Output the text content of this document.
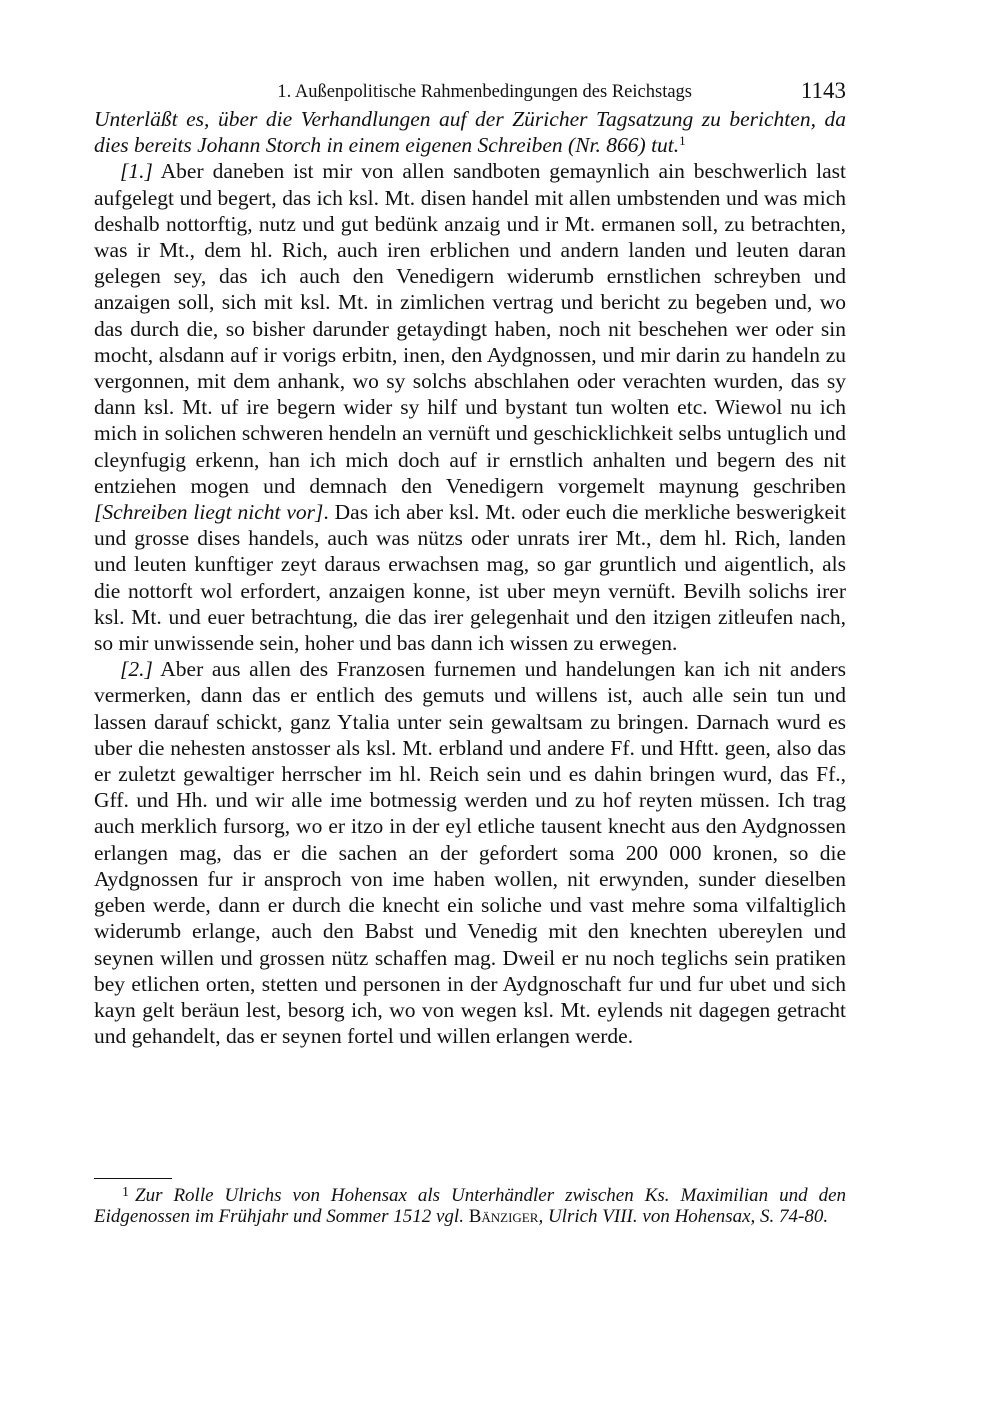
1. Außenpolitische Rahmenbedingungen des Reichstags	1143

Unterläßt es, über die Verhandlungen auf der Züricher Tagsatzung zu berichten, da dies bereits Johann Storch in einem eigenen Schreiben (Nr. 866) tut.$^1$

[1.] Aber daneben ist mir von allen sandboten gemaynlich ain beschwerlich last aufgelegt und begert, das ich ksl. Mt. disen handel mit allen umbstenden und was mich deshalb nottorftig, nutz und gut bedünk anzaig und ir Mt. ermanen soll, zu betrachten, was ir Mt., dem hl. Rich, auch iren erblichen und andern landen und leuten daran gelegen sey, das ich auch den Venedigern widerumb ernstlichen schreyben und anzaigen soll, sich mit ksl. Mt. in zimlichen vertrag und bericht zu begeben und, wo das durch die, so bisher darunder getaydingt haben, noch nit beschehen wer oder sin mocht, alsdann auf ir vorigs erbitn, inen, den Aydgnossen, und mir darin zu handeln zu vergonnen, mit dem anhank, wo sy solchs abschlahen oder verachten wurden, das sy dann ksl. Mt. uf ire begern wider sy hilf und bystant tun wolten etc. Wiewol nu ich mich in solichen schweren hendeln an vernüft und geschicklichkeit selbs untuglich und cleynfugig erkenn, han ich mich doch auf ir ernstlich anhalten und begern des nit entziehen mogen und demnach den Venedigern vorgemelt maynung geschriben [Schreiben liegt nicht vor]. Das ich aber ksl. Mt. oder euch die merkliche beswerigkeit und grosse dises handels, auch was nützs oder unrats irer Mt., dem hl. Rich, landen und leuten kunftiger zeyt daraus erwachsen mag, so gar gruntlich und aigentlich, als die nottorft wol erfordert, anzaigen konne, ist uber meyn vernüft. Bevilh solichs irer ksl. Mt. und euer betrachtung, die das irer gelegenhait und den itzigen zitleufen nach, so mir unwissende sein, hoher und bas dann ich wissen zu erwegen.

[2.] Aber aus allen des Franzosen furnemen und handelungen kan ich nit anders vermerken, dann das er entlich des gemuts und willens ist, auch alle sein tun und lassen darauf schickt, ganz Ytalia unter sein gewaltsam zu bringen. Darnach wurd es uber die nehesten anstosser als ksl. Mt. erbland und andere Ff. und Hftt. geen, also das er zuletzt gewaltiger herrscher im hl. Reich sein und es dahin bringen wurd, das Ff., Gff. und Hh. und wir alle ime botmessig werden und zu hof reyten müssen. Ich trag auch merklich fursorg, wo er itzo in der eyl etliche tausent knecht aus den Aydgnossen erlangen mag, das er die sachen an der gefordert soma 200 000 kronen, so die Aydgnossen fur ir ansproch von ime haben wollen, nit erwynden, sunder dieselben geben werde, dann er durch die knecht ein soliche und vast mehre soma vilfaltiglich widerumb erlange, auch den Babst und Venedig mit den knechten ubereylen und seynen willen und grossen nütz schaffen mag. Dweil er nu noch teglichs sein pratiken bey etlichen orten, stetten und personen in der Aydgnoschaft fur und fur ubet und sich kayn gelt beräun lest, besorg ich, wo von wegen ksl. Mt. eylends nit dagegen getracht und gehandelt, das er seynen fortel und willen erlangen werde.

$^1$ Zur Rolle Ulrichs von Hohensax als Unterhändler zwischen Ks. Maximilian und den Eidgenossen im Frühjahr und Sommer 1512 vgl. Bänziger, Ulrich VIII. von Hohensax, S. 74-80.
